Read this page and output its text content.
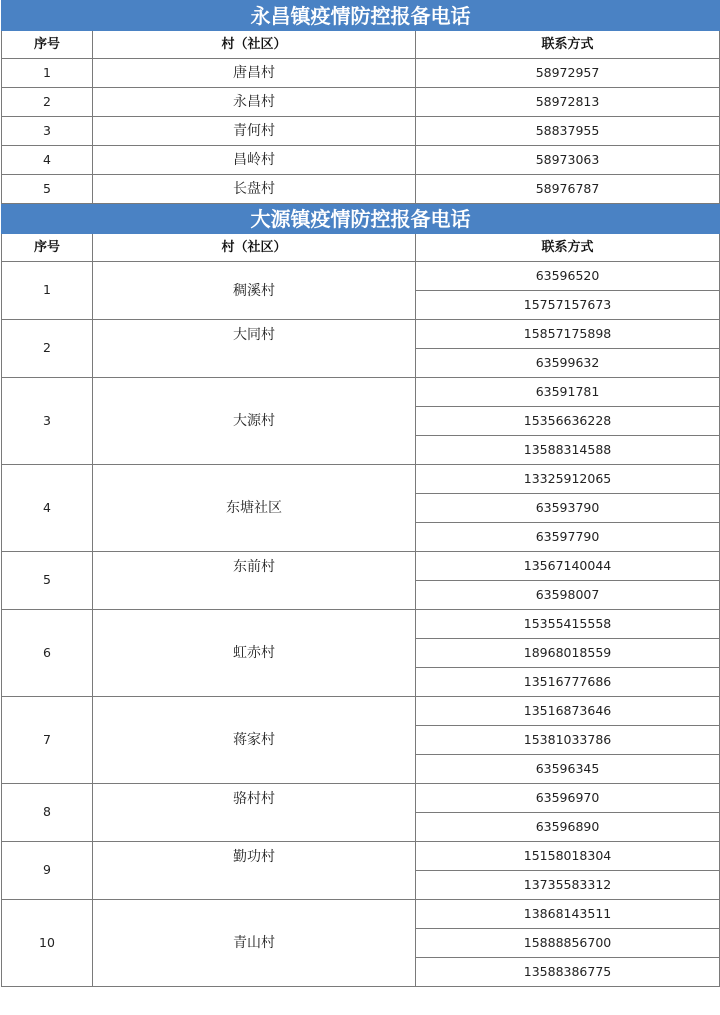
永昌镇疫情防控报备电话		
序号	村（社区）	联系方式
1	唐昌村	58972957
2	永昌村	58972813
3	青何村	58837955
4	昌岭村	58973063
5	长盘村	58976787
大源镇疫情防控报备电话		
序号	村（社区）	联系方式
1	稠溪村	63596520
		15757157673
2	大同村	15857175898
		63599632
3	大源村	63591781
		15356636228
		13588314588
4	东塘社区	13325912065
		63593790
		63597790
5	东前村	13567140044
		63598007
6	虹赤村	15355415558
		18968018559
		13516777686
7	蒋家村	13516873646
		15381033786
		63596345
8	骆村村	63596970
		63596890
9	勤功村	15158018304
		13735583312
10	青山村	13868143511
		15888856700
		13588386775
